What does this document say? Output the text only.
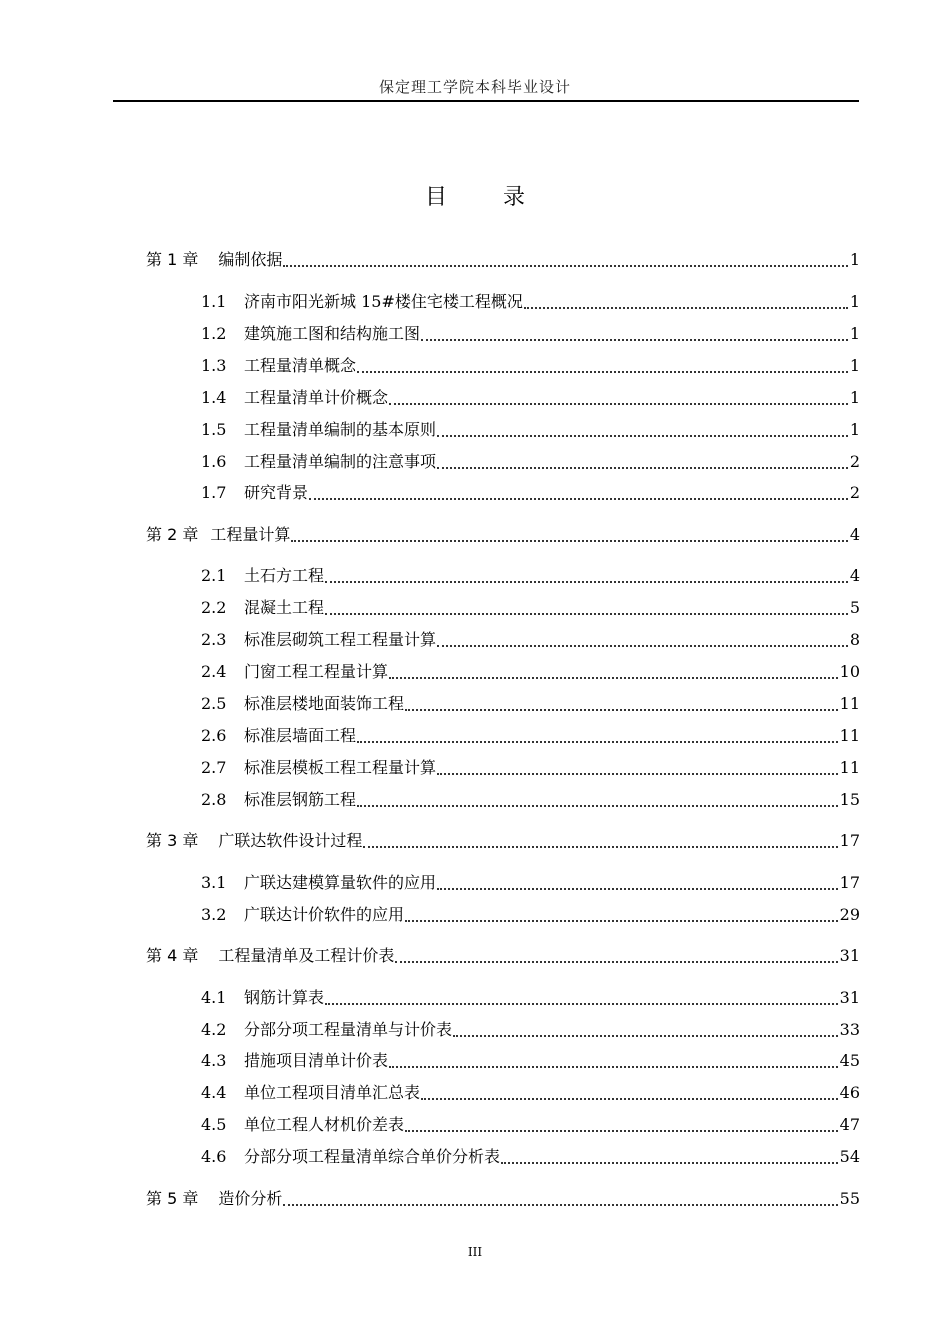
保定理工学院本科毕业设计
目	录
第 1 章 编制依据	1
1.1	济南市阳光新城 15#楼住宅楼工程概况	1
1.2	建筑施工图和结构施工图	1
1.3	工程量清单概念	1
1.4	工程量清单计价概念	1
1.5	工程量清单编制的基本原则	1
1.6	工程量清单编制的注意事项	2
1.7	研究背景	2
第 2 章 工程量计算	4
2.1	土石方工程	4
2.2	混凝土工程	5
2.3	标准层砌筑工程工程量计算	8
2.4	门窗工程工程量计算	10
2.5	标准层楼地面装饰工程	11
2.6	标准层墙面工程	11
2.7	标准层模板工程工程量计算	11
2.8	标准层钢筋工程	15
第 3 章 广联达软件设计过程	17
3.1	广联达建模算量软件的应用	17
3.2	广联达计价软件的应用	29
第 4 章 工程量清单及工程计价表	31
4.1	钢筋计算表	31
4.2	分部分项工程量清单与计价表	33
4.3	措施项目清单计价表	45
4.4	单位工程项目清单汇总表	46
4.5	单位工程人材机价差表	47
4.6	分部分项工程量清单综合单价分析表	54
第 5 章 造价分析	55
III
